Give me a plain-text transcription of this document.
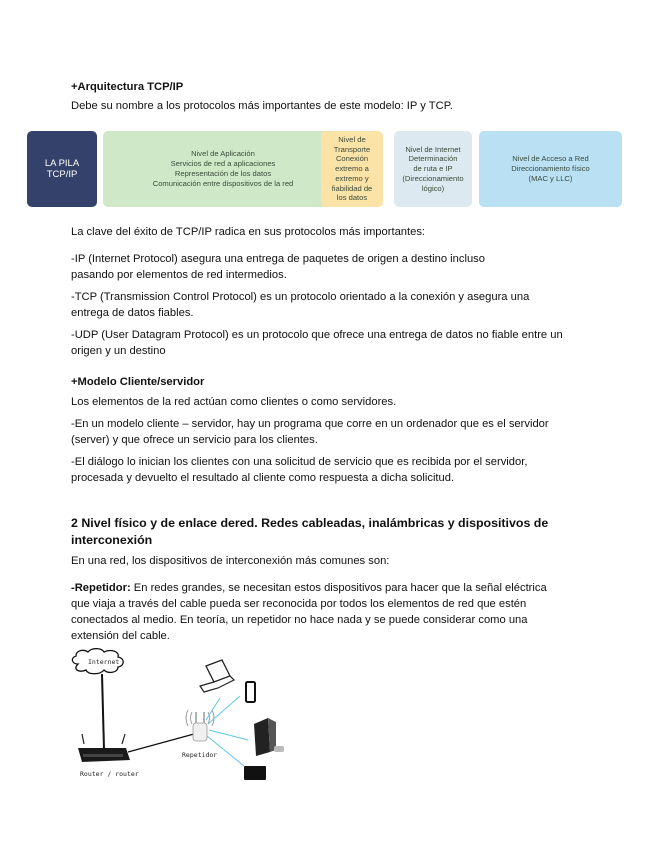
+Arquitectura TCP/IP

Debe su nombre a los protocolos más importantes de este modelo: IP y TCP.

LA PILA
TCP/IP
Nivel de Aplicación
Servicios de red a aplicaciones
Representación de los datos
Comunicación entre dispositivos de la red
Nivel de
Transporte
Conexión
extremo a
extremo y
fiabilidad de
los datos
Nivel de Internet
Determinación
de ruta e IP
(Direccionamiento
lógico)
Nivel de Acceso a Red
Direccionamiento físico
(MAC y LLC)

La clave del éxito de TCP/IP radica en sus protocolos más importantes:

-IP (Internet Protocol) asegura una entrega de paquetes de origen a destino incluso

pasando por elementos de red intermedios.

-TCP (Transmission Control Protocol) es un protocolo orientado a la conexión y asegura una

entrega de datos fiables.

-UDP (User Datagram Protocol) es un protocolo que ofrece una entrega de datos no fiable entre un

origen y un destino

+Modelo Cliente/servidor

Los elementos de la red actúan como clientes o como servidores.

-En un modelo cliente – servidor, hay un programa que corre en un ordenador que es el servidor

(server) y que ofrece un servicio para los clientes.

-El diálogo lo inician los clientes con una solicitud de servicio que es recibida por el servidor,

procesada y devuelto el resultado al cliente como respuesta a dicha solicitud.

2 Nivel físico y de enlace dered. Redes cableadas, inalámbricas y dispositivos de

interconexión

En una red, los dispositivos de interconexión más comunes son:

-Repetidor: En redes grandes, se necesitan estos dispositivos para hacer que la señal eléctrica

que viaja a través del cable pueda ser reconocida por todos los elementos de red que estén

conectados al medio. En teoría, un repetidor no hace nada y se puede considerar como una

extensión del cable.

Internet
Router / router
Repetidor
